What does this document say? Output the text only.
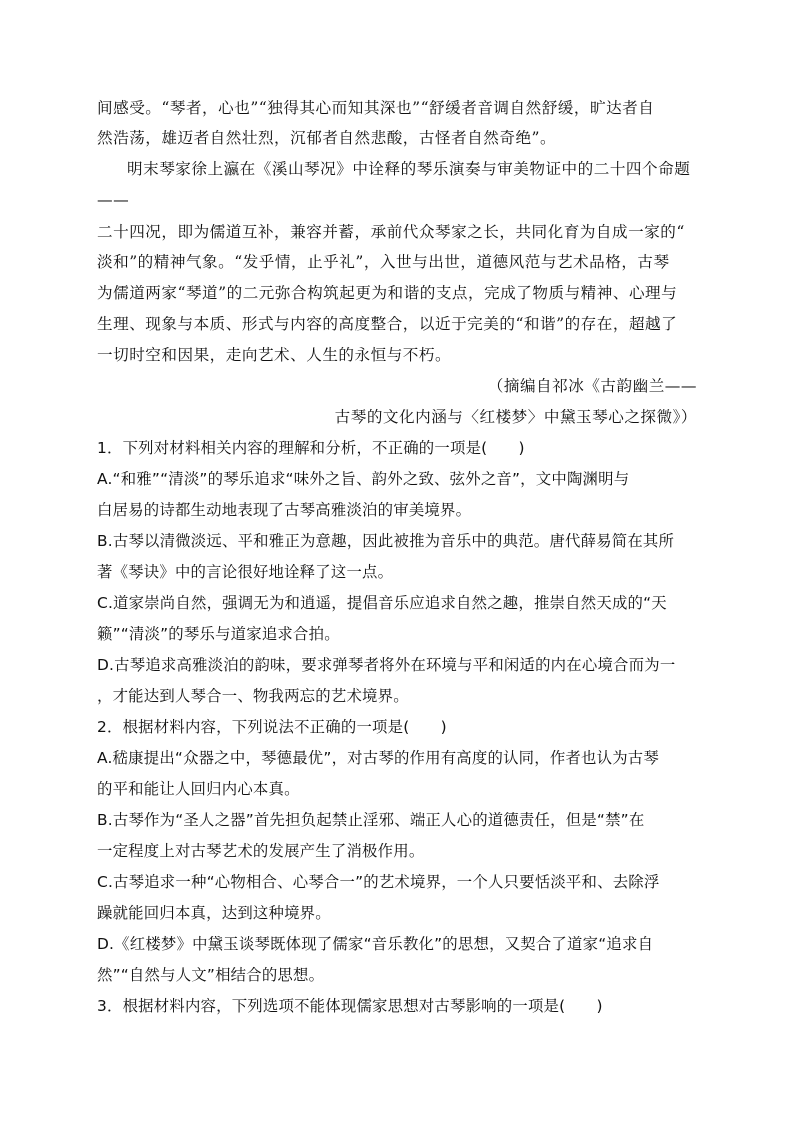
间感受。“琴者，心也”“独得其心而知其深也”“舒缓者音调自然舒缓，旷达者自
然浩荡，雄迈者自然壮烈，沉郁者自然悲酸，古怪者自然奇绝”。
明末琴家徐上瀛在《溪山琴况》中诠释的琴乐演奏与审美物证中的二十四个命题
——
二十四况，即为儒道互补，兼容并蓄，承前代众琴家之长，共同化育为自成一家的“
淡和”的精神气象。“发乎情，止乎礼”，入世与出世，道德风范与艺术品格，古琴
为儒道两家“琴道”的二元弥合构筑起更为和谐的支点，完成了物质与精神、心理与
生理、现象与本质、形式与内容的高度整合，以近于完美的“和谐”的存在，超越了
一切时空和因果，走向艺术、人生的永恒与不朽。
（摘编自祁冰《古韵幽兰——
古琴的文化内涵与〈红楼梦〉中黛玉琴心之探微》）
1．下列对材料相关内容的理解和分析，不正确的一项是(　　)
A.“和雅”“清淡”的琴乐追求“味外之旨、韵外之致、弦外之音”，文中陶渊明与
白居易的诗都生动地表现了古琴高雅淡泊的审美境界。
B.古琴以清微淡远、平和雅正为意趣，因此被推为音乐中的典范。唐代薛易简在其所
著《琴诀》中的言论很好地诠释了这一点。
C.道家崇尚自然，强调无为和逍遥，提倡音乐应追求自然之趣，推崇自然天成的“天
籁”“清淡”的琴乐与道家追求合拍。
D.古琴追求高雅淡泊的韵味，要求弹琴者将外在环境与平和闲适的内在心境合而为一
，才能达到人琴合一、物我两忘的艺术境界。
2．根据材料内容，下列说法不正确的一项是(　　)
A.嵇康提出“众器之中，琴德最优”，对古琴的作用有高度的认同，作者也认为古琴
的平和能让人回归内心本真。
B.古琴作为“圣人之器”首先担负起禁止淫邪、端正人心的道德责任，但是“禁”在
一定程度上对古琴艺术的发展产生了消极作用。
C.古琴追求一种“心物相合、心琴合一”的艺术境界，一个人只要恬淡平和、去除浮
躁就能回归本真，达到这种境界。
D.《红楼梦》中黛玉谈琴既体现了儒家“音乐教化”的思想，又契合了道家“追求自
然”“自然与人文”相结合的思想。
3．根据材料内容，下列选项不能体现儒家思想对古琴影响的一项是(　　)
